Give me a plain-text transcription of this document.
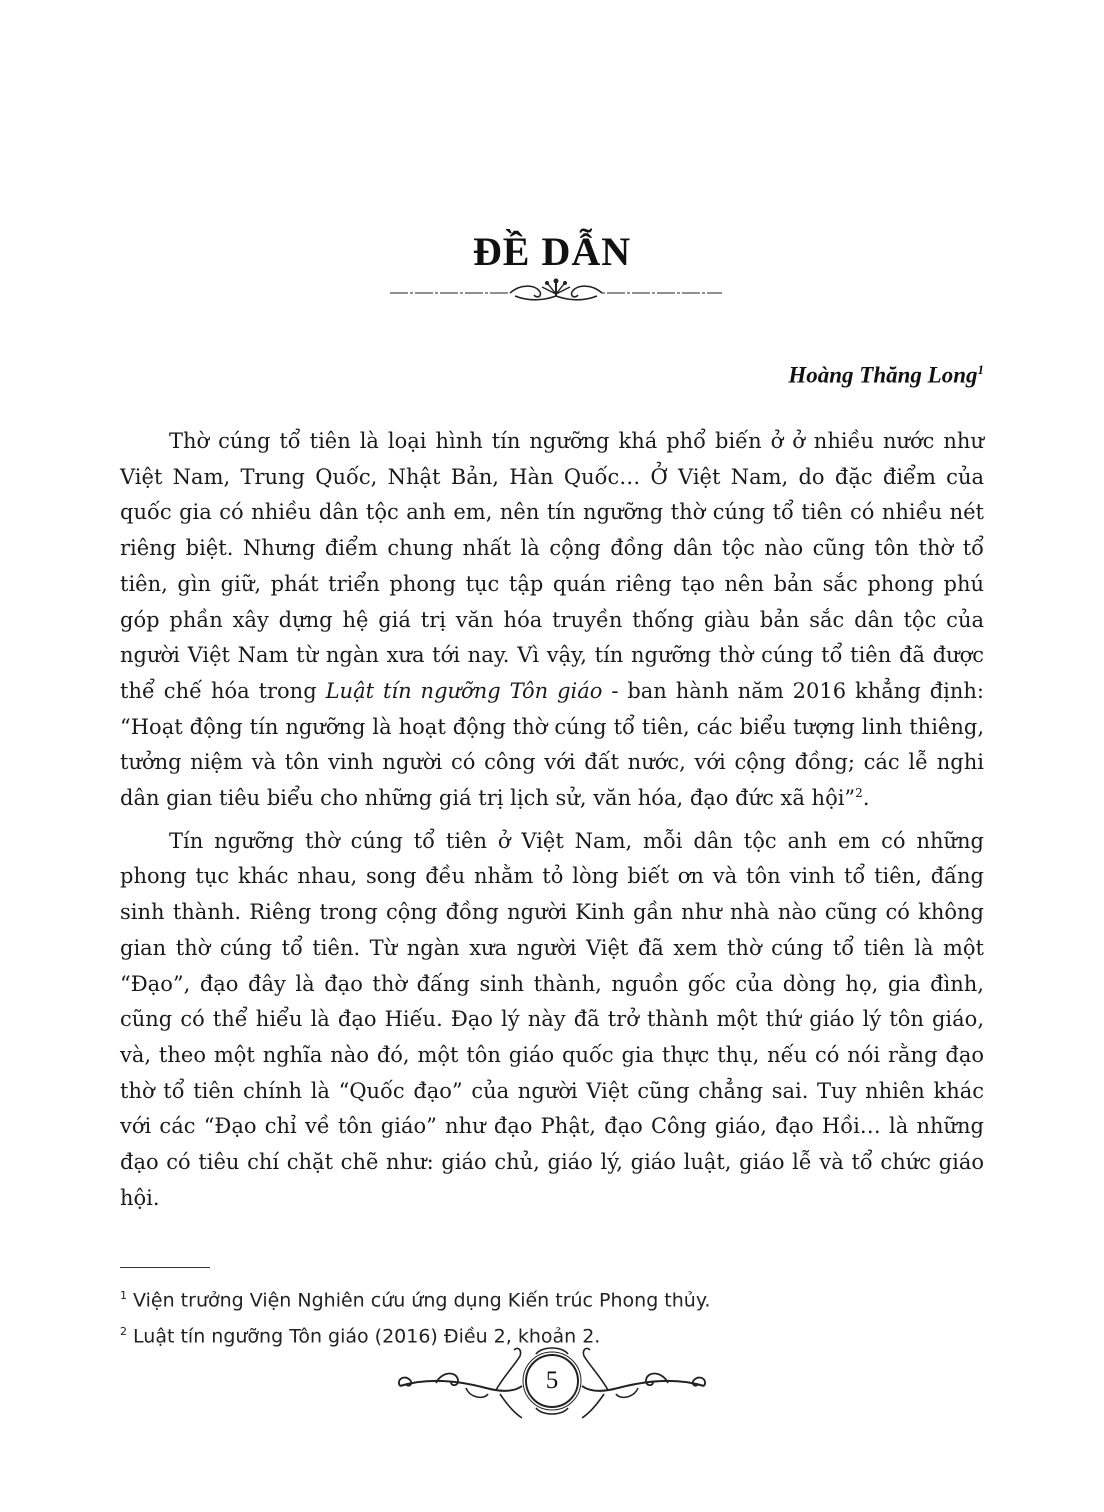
ĐỀ DẪN
Hoàng Thăng Long$^1$

Thờ cúng tổ tiên là loại hình tín ngưỡng khá phổ biến ở ở nhiều nước như Việt Nam, Trung Quốc, Nhật Bản, Hàn Quốc… Ở Việt Nam, do đặc điểm của quốc gia có nhiều dân tộc anh em, nên tín ngưỡng thờ cúng tổ tiên có nhiều nét riêng biệt. Nhưng điểm chung nhất là cộng đồng dân tộc nào cũng tôn thờ tổ tiên, gìn giữ, phát triển phong tục tập quán riêng tạo nên bản sắc phong phú góp phần xây dựng hệ giá trị văn hóa truyền thống giàu bản sắc dân tộc của người Việt Nam từ ngàn xưa tới nay. Vì vậy, tín ngưỡng thờ cúng tổ tiên đã được thể chế hóa trong Luật tín ngưỡng Tôn giáo - ban hành năm 2016 khẳng định: “Hoạt động tín ngưỡng là hoạt động thờ cúng tổ tiên, các biểu tượng linh thiêng, tưởng niệm và tôn vinh người có công với đất nước, với cộng đồng; các lễ nghi dân gian tiêu biểu cho những giá trị lịch sử, văn hóa, đạo đức xã hội”$^2$.

Tín ngưỡng thờ cúng tổ tiên ở Việt Nam, mỗi dân tộc anh em có những phong tục khác nhau, song đều nhằm tỏ lòng biết ơn và tôn vinh tổ tiên, đấng sinh thành. Riêng trong cộng đồng người Kinh gần như nhà nào cũng có không gian thờ cúng tổ tiên. Từ ngàn xưa người Việt đã xem thờ cúng tổ tiên là một “Đạo”, đạo đây là đạo thờ đấng sinh thành, nguồn gốc của dòng họ, gia đình, cũng có thể hiểu là đạo Hiếu. Đạo lý này đã trở thành một thứ giáo lý tôn giáo, và, theo một nghĩa nào đó, một tôn giáo quốc gia thực thụ, nếu có nói rằng đạo thờ tổ tiên chính là “Quốc đạo” của người Việt cũng chẳng sai. Tuy nhiên khác với các “Đạo chỉ về tôn giáo” như đạo Phật, đạo Công giáo, đạo Hồi… là những đạo có tiêu chí chặt chẽ như: giáo chủ, giáo lý, giáo luật, giáo lễ và tổ chức giáo hội.

$^1$ Viện trưởng Viện Nghiên cứu ứng dụng Kiến trúc Phong thủy.
$^2$ Luật tín ngưỡng Tôn giáo (2016) Điều 2, khoản 2.
5
